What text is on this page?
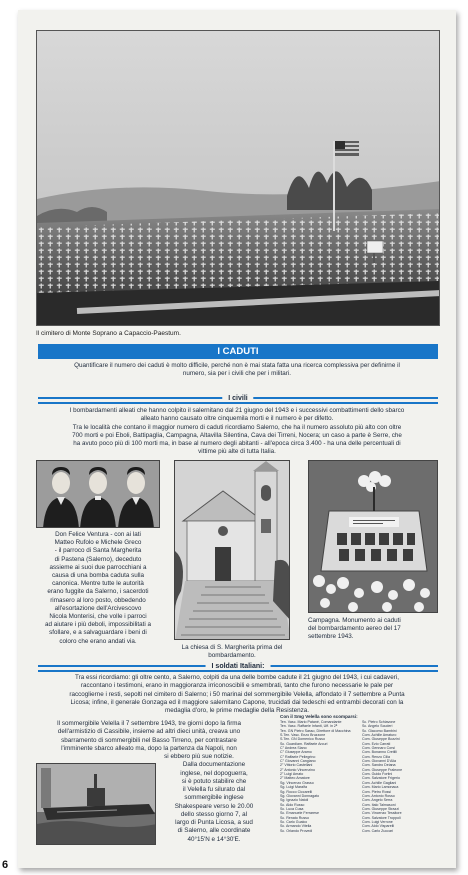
Il cimitero di Monte Soprano a Capaccio-Paestum.
I CADUTI
Quantificare il numero dei caduti è molto difficile, perché non è mai stata fatta una ricerca complessiva per definirne il
numero, sia per i civili che per i militari.
I civili
I bombardamenti alleati che hanno colpito il salernitano dal 21 giugno del 1943 e i successivi combattimenti dello sbarco
alleato hanno causato oltre cinquemila morti e il numero è per difetto.
Tra le località che contano il maggior numero di caduti ricordiamo Salerno, che ha il numero assoluto più alto con oltre
700 morti e poi Eboli, Battipaglia, Campagna, Altavilla Silentina, Cava dei Tirreni, Nocera; un caso a parte è Serre, che
ha avuto poco più di 100 morti ma, in base al numero degli abitanti - all'epoca circa 3.400 - ha una delle percentuali di
vittime più alte di tutta Italia.
Don Felice Ventura - con ai lati
Matteo Rufolo e Michele Greco
- il parroco di Santa Margherita
di Pastena (Salerno), deceduto
assieme ai suoi due parrocchiani a
causa di una bomba caduta sulla
canonica. Mentre tutte le autorità
erano fuggite da Salerno, i sacerdoti
rimasero al loro posto, obbedendo
all'esortazione dell'Arcivescovo
Nicola Monterisi, che volle i parroci
ad aiutare i più deboli, impossibilitati a
sfollare, e a salvaguardare i beni di
coloro che erano andati via.
La chiesa di S. Margherita prima del
bombardamento.
Campagna. Monumento ai caduti
del bombardamento aereo del 17
settembre 1943.
I soldati Italiani:
Tra essi ricordiamo: gli oltre cento, a Salerno, colpiti da una delle bombe cadute il 21 giugno del 1943, i cui cadaveri,
raccontano i testimoni, erano in maggioranza irriconoscibili e smembrati, tanto che furono necessarie le pale per
raccoglierne i resti, sepolti nel cimitero di Salerno; i 50 marinai del sommergibile Velella, affondato il 7 settembre a Punta
Licosa; infine, il generale Gonzaga ed il maggiore salernitano Capone, trucidati dai tedeschi ed entrambi decorati con la
medaglia d'oro, le prime medaglie della Resistenza.
Il sommergibile Velella il 7 settembre 1943, tre giorni dopo la firma
dell'armistizio di Cassibile, insieme ad altri dieci unità, creava uno
sbarramento di sommergibili nel Basso Tirreno, per contrastare
l'imminente sbarco alleato ma, dopo la partenza da Napoli, non
si ebbero più sue notizie.
Dalla documentazione
inglese, nel dopoguerra,
si è potuto stabilire che
il Velella fu silurato dal
sommergibile inglese
Shakespeare verso le 20.00
dello stesso giorno 7, al
largo di Punta Licosa, a sud
di Salerno, alle coordinate
40°15'N e 14°30'E.
Con il Smg Velella sono scomparsi:
Ten. Vasc. Mario Patané, Comandante
Ten. Vasc. Raffaele Infanti, Uff. in 2ª
Ten. GN Pietro Sasso, Direttore di Macchina
S.Ten. Vasc. Enzo Bruzzone
S.Ten. GN Domenico Russo
Sc. Guardiam. Raffaele Arcuri
C° Andrea Siano
C° Giuseppe Aramo
C° Raffaele Pellegrino
C° Giovanni Cangiano
2° Vittorio Castellani
2° Antonio Vincenzino
2° Luigi Amato
2° Matteo Amatore
Sg. Vincenzo Grasso
Sg. Luigi Maralfa
Sg. Rocco Ciccarelli
Sg. Giovanni Donnagato
Sg. Ignazio Natoli
Sc. Aldo Russo
Sc. Luca Cusa
Sc. Emanuele Ferrarese
Sc. Renato Russo
Sc. Carlo Gualco
Sc. Armando Vitella
Sc. Orlando Provedi
Sc. Pietro Schiavone
Sc. Angelo Scuderi
Sc. Giacomo Bambini
Com. Achille Amaturo
Com. Giuseppe Bozzini
Com. Ezio Carrati
Com. Gennaro Corsi
Com. Bonanno Cretilli
Com. Renzo Cilia
Com. Giovanni D'Alia
Com. Sandro Deiana
Com. Giuseppe Fraleone
Com. Guido Fortini
Com. Salvatore Frigerio
Com. Achille Gagliani
Com. Mario Lamonaca
Com. Pietro Rossi
Com. Antonio Rosso
Com. Angelo Serra
Com. Italo Talmasoni
Com. Giuseppe Strazzi
Com. Vincenzo Tessitore
Com. Salvatore Troppoli
Com. Luigi Verrone
Com. Aldo Visparelli
Com. Carlo Zuccari
6
